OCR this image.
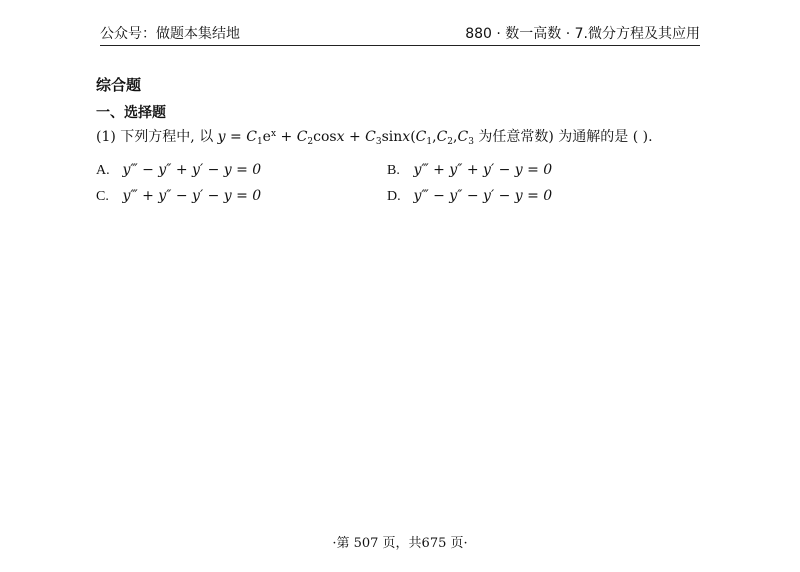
公众号：做题本集结地	880 · 数一高数 · 7.微分方程及其应用
综合题
一、选择题
(1) 下列方程中, 以 $y = C_1e^x + C_2\cos x + C_3\sin x(C_1,C_2,C_3$ 为任意常数) 为通解的是 ( ).
A. y‴ − y″ + y′ − y = 0	B. y‴ + y″ + y′ − y = 0
C. y‴ + y″ − y′ − y = 0	D. y‴ − y″ − y′ − y = 0
·第 507 页，共675 页·
